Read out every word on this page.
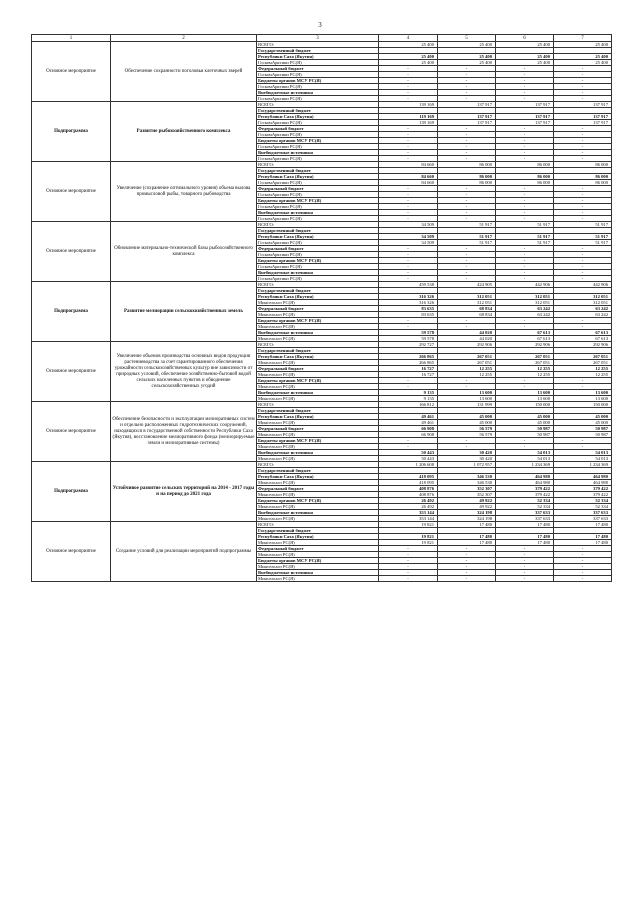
3
1	2	3	4	5	6	7
Основное мероприятие	Обеспечение сохранности поголовья клеточных зверей	ВСЕГО:	25 400	25 400	25 400	25 400
		Государственный бюджет				
		Республики Саха (Якутия)	25 400	25 400	25 400	25 400
		ГоскомАрктики РС(Я)	25 400	25 400	25 400	25 400
		Федеральный бюджет	-	-	-	-
		ГоскомАрктики РС(Я)	-	-	-	-
		Бюджеты органов МСУ РС(Я)	-	-	-	-
		ГоскомАрктики РС(Я)	-	-	-	-
		Внебюджетные источники	-	-	-	-
		ГоскомАрктики РС(Я)	-	-	-	-
Подпрограмма	Развитие рыбохозяйственного комплекса	ВСЕГО:	139 169	137 917	137 917	137 917
		Государственный бюджет				
		Республики Саха (Якутия)	119 169	137 917	137 917	137 917
		ГоскомАрктики РС(Я)	139 169	137 917	137 917	137 917
		Федеральный бюджет	-	-	-	-
		ГоскомАрктики РС(Я)	-	-	-	-
		Бюджеты органов МСУ РС(Я)	-	-	-	-
		ГоскомАрктики РС(Я)	-	-	-	-
		Внебюджетные источники	-	-	-	-
		ГоскомАрктики РС(Я)	-	-	-	-
Основное мероприятие	Увеличение (сохранение оптимального уровня) объема вылова промысловой рыбы, товарного рыбоводства	ВСЕГО:	84 660	86 000	86 000	86 000
		Государственный бюджет				
		Республики Саха (Якутия)	84 660	86 000	86 000	86 000
		ГоскомАрктики РС(Я)	84 660	86 000	86 000	86 000
		Федеральный бюджет	-	-	-	-
		ГоскомАрктики РС(Я)	-	-	-	-
		Бюджеты органов МСУ РС(Я)	-	-	-	-
		ГоскомАрктики РС(Я)	-	-	-	-
		Внебюджетные источники	-	-	-	-
		ГоскомАрктики РС(Я)	-	-	-	-
Основное мероприятие	Обновление материально-технической базы рыбохозяйственного комплекса	ВСЕГО:	34 509	51 917	51 917	51 917
		Государственный бюджет				
		Республики Саха (Якутия)	34 509	51 917	51 917	51 917
		ГоскомАрктики РС(Я)	34 509	51 917	51 917	51 917
		Федеральный бюджет	-	-	-	-
		ГоскомАрктики РС(Я)	-	-	-	-
		Бюджеты органов МСУ РС(Я)	-	-	-	-
		ГоскомАрктики РС(Я)	-	-	-	-
		Внебюджетные источники	-	-	-	-
		ГоскомАрктики РС(Я)	-	-	-	-
Подпрограмма	Развитие мелиорации сельскохозяйственных земель	ВСЕГО:	459 538	424 905	442 906	442 906
		Государственный бюджет				
		Республики Саха (Якутия)	316 326	312 051	312 051	312 051
		Минсельхоз РС(Я)	316 326	312 051	312 051	312 051
		Федеральный бюджет	83 635	68 834	63 242	63 242
		Минсельхоз РС(Я)	83 635	68 834	63 242	63 242
		Бюджеты органов МСУ РС(Я)	-	-	-	-
		Минсельхоз РС(Я)	-	-	-	-
		Внебюджетные источники	59 578	44 020	67 613	67 613
		Минсельхоз РС(Я)	59 578	44 020	67 613	67 613
Основное мероприятие	Увеличение объемов производства основных видов продукции растениеводства за счет гарантированного обеспечения урожайности сельскохозяйственных культур вне зависимости от природных условий, обеспечение хозяйственно-бытовой водой сельских населенных пунктов и обводнение сельскохозяйственных угодий	ВСЕГО:	292 727	292 906	292 906	292 906
		Государственный бюджет				
		Республики Саха (Якутия)	266 865	267 051	267 051	267 051
		Минсельхоз РС(Я)	266 865	267 051	267 051	267 051
		Федеральный бюджет	16 727	12 255	12 255	12 255
		Минсельхоз РС(Я)	16 727	12 255	12 255	12 255
		Бюджеты органов МСУ РС(Я)	-	-	-	-
		Минсельхоз РС(Я)	-	-	-	-
		Внебюджетные источники	9 135	13 600	13 600	13 600
		Минсельхоз РС(Я)	9 135	13 600	13 600	13 600
Основное мероприятие	Обеспечение безопасности и эксплуатации мелиоративных систем и отдельно расположенных гидротехнических сооружений, находящихся в государственной собственности Республики Саха (Якутия), восстановление мелиоративного фонда (мелиорируемые земли и мелиоративные системы)	ВСЕГО:	166 812	131 999	150 000	150 000
		Государственный бюджет				
		Республики Саха (Якутия)	49 461	45 000	45 000	45 000
		Минсельхоз РС(Я)	49 461	45 000	45 000	45 000
		Федеральный бюджет	66 908	56 579	50 987	50 987
		Минсельхоз РС(Я)	66 908	56 579	50 987	50 987
		Бюджеты органов МСУ РС(Я)	-	-	-	-
		Минсельхоз РС(Я)	-	-	-	-
		Внебюджетные источники	50 443	30 420	54 013	54 013
		Минсельхоз РС(Я)	50 443	30 420	54 013	54 013
Подпрограмма	Устойчивое развитие сельских территорий на 2014 - 2017 годы и на период до 2021 года	ВСЕГО:	1 206 608	1 072 957	1 234 369	1 234 369
		Государственный бюджет				
		Республики Саха (Якутия)	418 095	346 530	464 980	464 980
		Минсельхоз РС(Я)	418 095	346 530	464 980	464 980
		Федеральный бюджет	408 876	352 307	379 422	379 422
		Минсельхоз РС(Я)	408 876	352 307	379 422	379 422
		Бюджеты органов МСУ РС(Я)	26 492	49 922	52 334	52 334
		Минсельхоз РС(Я)	26 492	49 922	52 334	52 334
		Внебюджетные источники	353 144	324 198	337 633	337 633
		Минсельхоз РС(Я)	353 144	324 198	337 633	337 633
Основное мероприятие	Создание условий для реализации мероприятий подпрограммы	ВСЕГО:	19 821	17 480	17 480	17 480
		Государственный бюджет				
		Республики Саха (Якутия)	19 821	17 480	17 480	17 480
		Минсельхоз РС(Я)	19 821	17 480	17 480	17 480
		Федеральный бюджет	-	-	-	-
		Минсельхоз РС(Я)	-	-	-	-
		Бюджеты органов МСУ РС(Я)	-	-	-	-
		Минсельхоз РС(Я)	-	-	-	-
		Внебюджетные источники	-	-	-	-
		Минсельхоз РС(Я)	-	-	-	-
